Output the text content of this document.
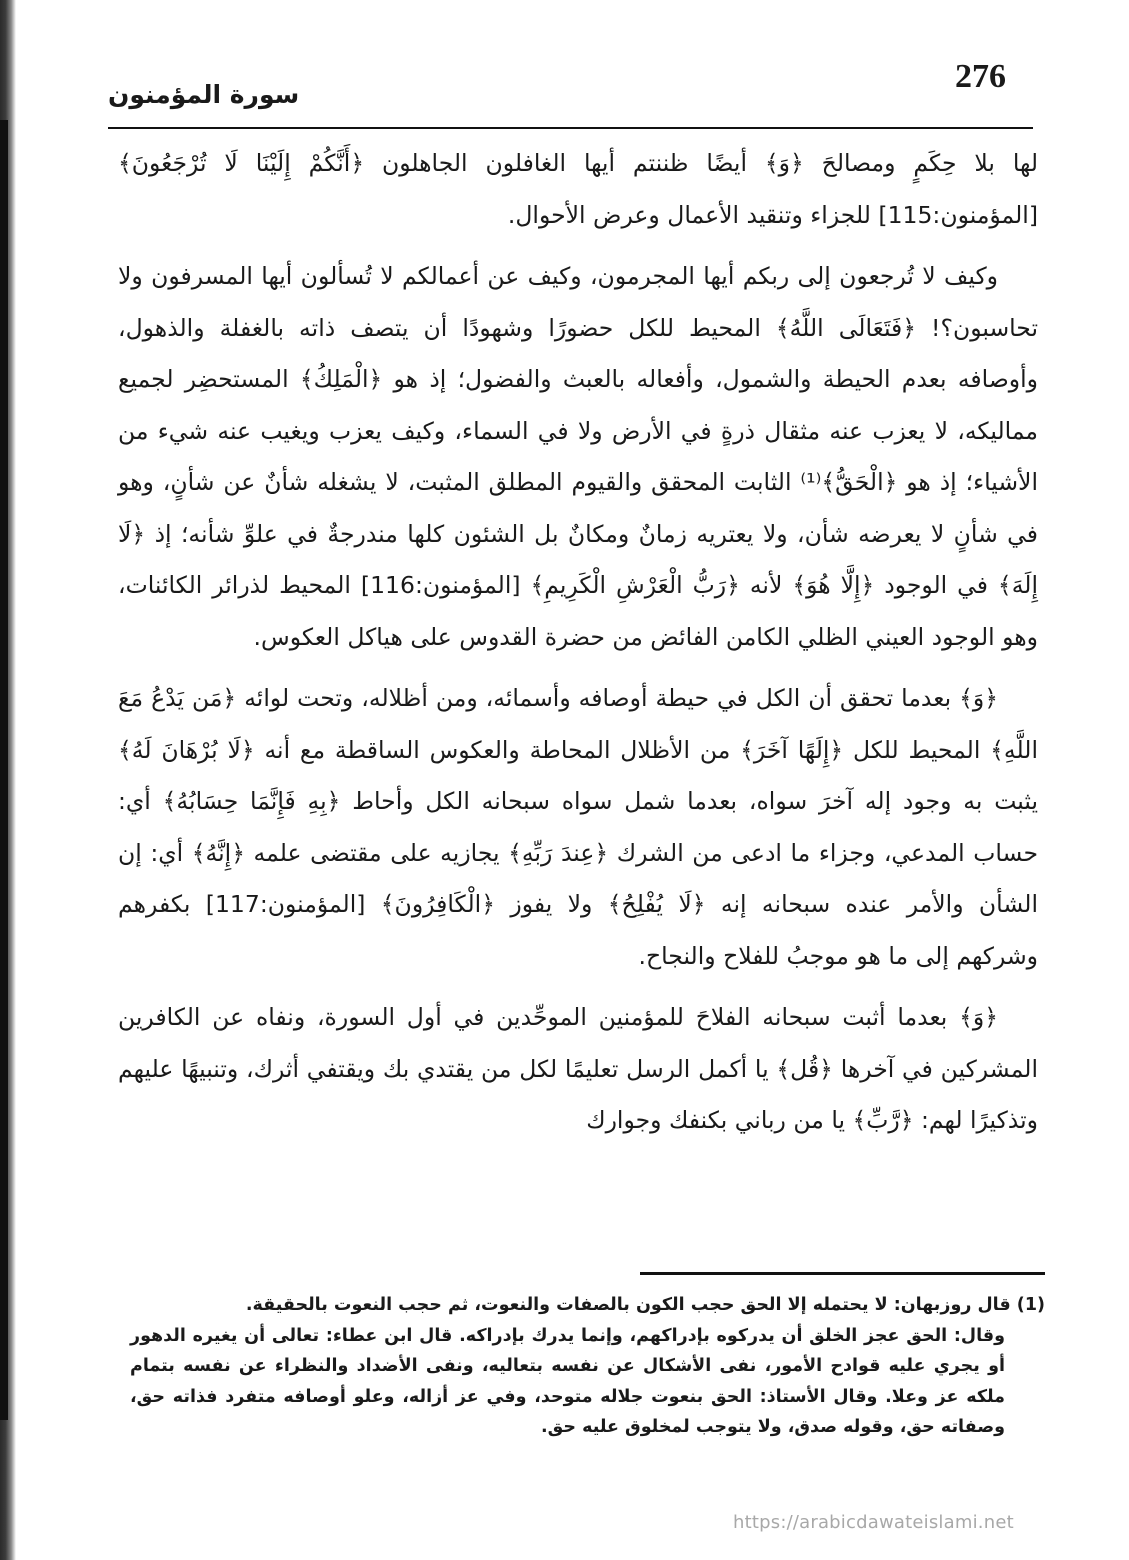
276
سورة المؤمنون

لها بلا حِكَمٍ ومصالحَ ﴿وَ﴾ أيضًا ظننتم أيها الغافلون الجاهلون ﴿أَنَّكُمْ إِلَيْنَا لَا تُرْجَعُونَ﴾ [المؤمنون:115] للجزاء وتنقيد الأعمال وعرض الأحوال.

وكيف لا تُرجعون إلى ربكم أيها المجرمون، وكيف عن أعمالكم لا تُسألون أيها المسرفون ولا تحاسبون؟! ﴿فَتَعَالَى اللَّهُ﴾ المحيط للكل حضورًا وشهودًا أن يتصف ذاته بالغفلة والذهول، وأوصافه بعدم الحيطة والشمول، وأفعاله بالعبث والفضول؛ إذ هو ﴿الْمَلِكُ﴾ المستحضِر لجميع مماليكه، لا يعزب عنه مثقال ذرةٍ في الأرض ولا في السماء، وكيف يعزب ويغيب عنه شيء من الأشياء؛ إذ هو ﴿الْحَقُّ﴾⁽¹⁾ الثابت المحقق والقيوم المطلق المثبت، لا يشغله شأنٌ عن شأنٍ، وهو في شأنٍ لا يعرضه شأن، ولا يعتريه زمانٌ ومكانٌ بل الشئون كلها مندرجةٌ في علوِّ شأنه؛ إذ ﴿لَا إِلَهَ﴾ في الوجود ﴿إِلَّا هُوَ﴾ لأنه ﴿رَبُّ الْعَرْشِ الْكَرِيمِ﴾ [المؤمنون:116] المحيط لذرائر الكائنات، وهو الوجود العيني الظلي الكامن الفائض من حضرة القدوس على هياكل العكوس.

﴿وَ﴾ بعدما تحقق أن الكل في حيطة أوصافه وأسمائه، ومن أظلاله، وتحت لوائه ﴿مَن يَدْعُ مَعَ اللَّهِ﴾ المحيط للكل ﴿إِلَهًا آخَرَ﴾ من الأظلال المحاطة والعكوس الساقطة مع أنه ﴿لَا بُرْهَانَ لَهُ﴾ يثبت به وجود إله آخرَ سواه، بعدما شمل سواه سبحانه الكل وأحاط ﴿بِهِ فَإِنَّمَا حِسَابُهُ﴾ أي: حساب المدعي، وجزاء ما ادعى من الشرك ﴿عِندَ رَبِّهِ﴾ يجازيه على مقتضى علمه ﴿إِنَّهُ﴾ أي: إن الشأن والأمر عنده سبحانه إنه ﴿لَا يُفْلِحُ﴾ ولا يفوز ﴿الْكَافِرُونَ﴾ [المؤمنون:117] بكفرهم وشركهم إلى ما هو موجبُ للفلاح والنجاح.

﴿وَ﴾ بعدما أثبت سبحانه الفلاحَ للمؤمنين الموحِّدين في أول السورة، ونفاه عن الكافرين المشركين في آخرها ﴿قُل﴾ يا أكمل الرسل تعليمًا لكل من يقتدي بك ويقتفي أثرك، وتنبيهًا عليهم وتذكيرًا لهم: ﴿رَّبِّ﴾ يا من رباني بكنفك وجوارك

(1) قال روزبهان: لا يحتمله إلا الحق حجب الكون بالصفات والنعوت، ثم حجب النعوت بالحقيقة.

وقال: الحق عجز الخلق أن يدركوه بإدراكهم، وإنما يدرك بإدراكه. قال ابن عطاء: تعالى أن يغيره الدهور أو يجري عليه قوادح الأمور، نفى الأشكال عن نفسه بتعاليه، ونفى الأضداد والنظراء عن نفسه بتمام ملكه عز وعلا. وقال الأستاذ: الحق بنعوت جلاله متوحد، وفي عز أزاله، وعلو أوصافه متفرد فذاته حق، وصفاته حق، وقوله صدق، ولا يتوجب لمخلوق عليه حق.

https://arabicdawateislami.net
